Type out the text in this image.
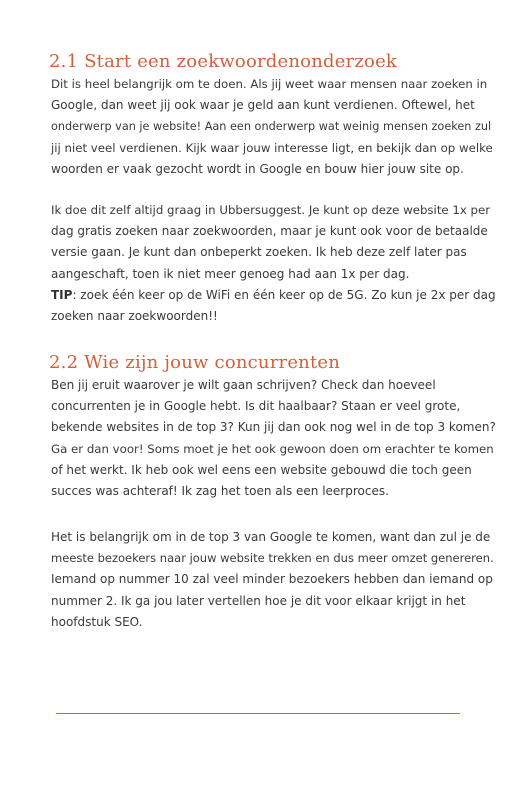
2.1 Start een zoekwoordenonderzoek
Dit is heel belangrijk om te doen. Als jij weet waar mensen naar zoeken in
Google, dan weet jij ook waar je geld aan kunt verdienen. Oftewel, het
onderwerp van je website! Aan een onderwerp wat weinig mensen zoeken zul
jij niet veel verdienen. Kijk waar jouw interesse ligt, en bekijk dan op welke
woorden er vaak gezocht wordt in Google en bouw hier jouw site op.
Ik doe dit zelf altijd graag in Ubbersuggest. Je kunt op deze website 1x per
dag gratis zoeken naar zoekwoorden, maar je kunt ook voor de betaalde
versie gaan. Je kunt dan onbeperkt zoeken. Ik heb deze zelf later pas
aangeschaft, toen ik niet meer genoeg had aan 1x per dag.
TIP: zoek één keer op de WiFi en één keer op de 5G. Zo kun je 2x per dag
zoeken naar zoekwoorden!!
2.2 Wie zijn jouw concurrenten
Ben jij eruit waarover je wilt gaan schrijven? Check dan hoeveel
concurrenten je in Google hebt. Is dit haalbaar? Staan er veel grote,
bekende websites in de top 3? Kun jij dan ook nog wel in de top 3 komen?
Ga er dan voor! Soms moet je het ook gewoon doen om erachter te komen
of het werkt. Ik heb ook wel eens een website gebouwd die toch geen
succes was achteraf! Ik zag het toen als een leerproces.
Het is belangrijk om in de top 3 van Google te komen, want dan zul je de
meeste bezoekers naar jouw website trekken en dus meer omzet genereren.
Iemand op nummer 10 zal veel minder bezoekers hebben dan iemand op
nummer 2. Ik ga jou later vertellen hoe je dit voor elkaar krijgt in het
hoofdstuk SEO.
